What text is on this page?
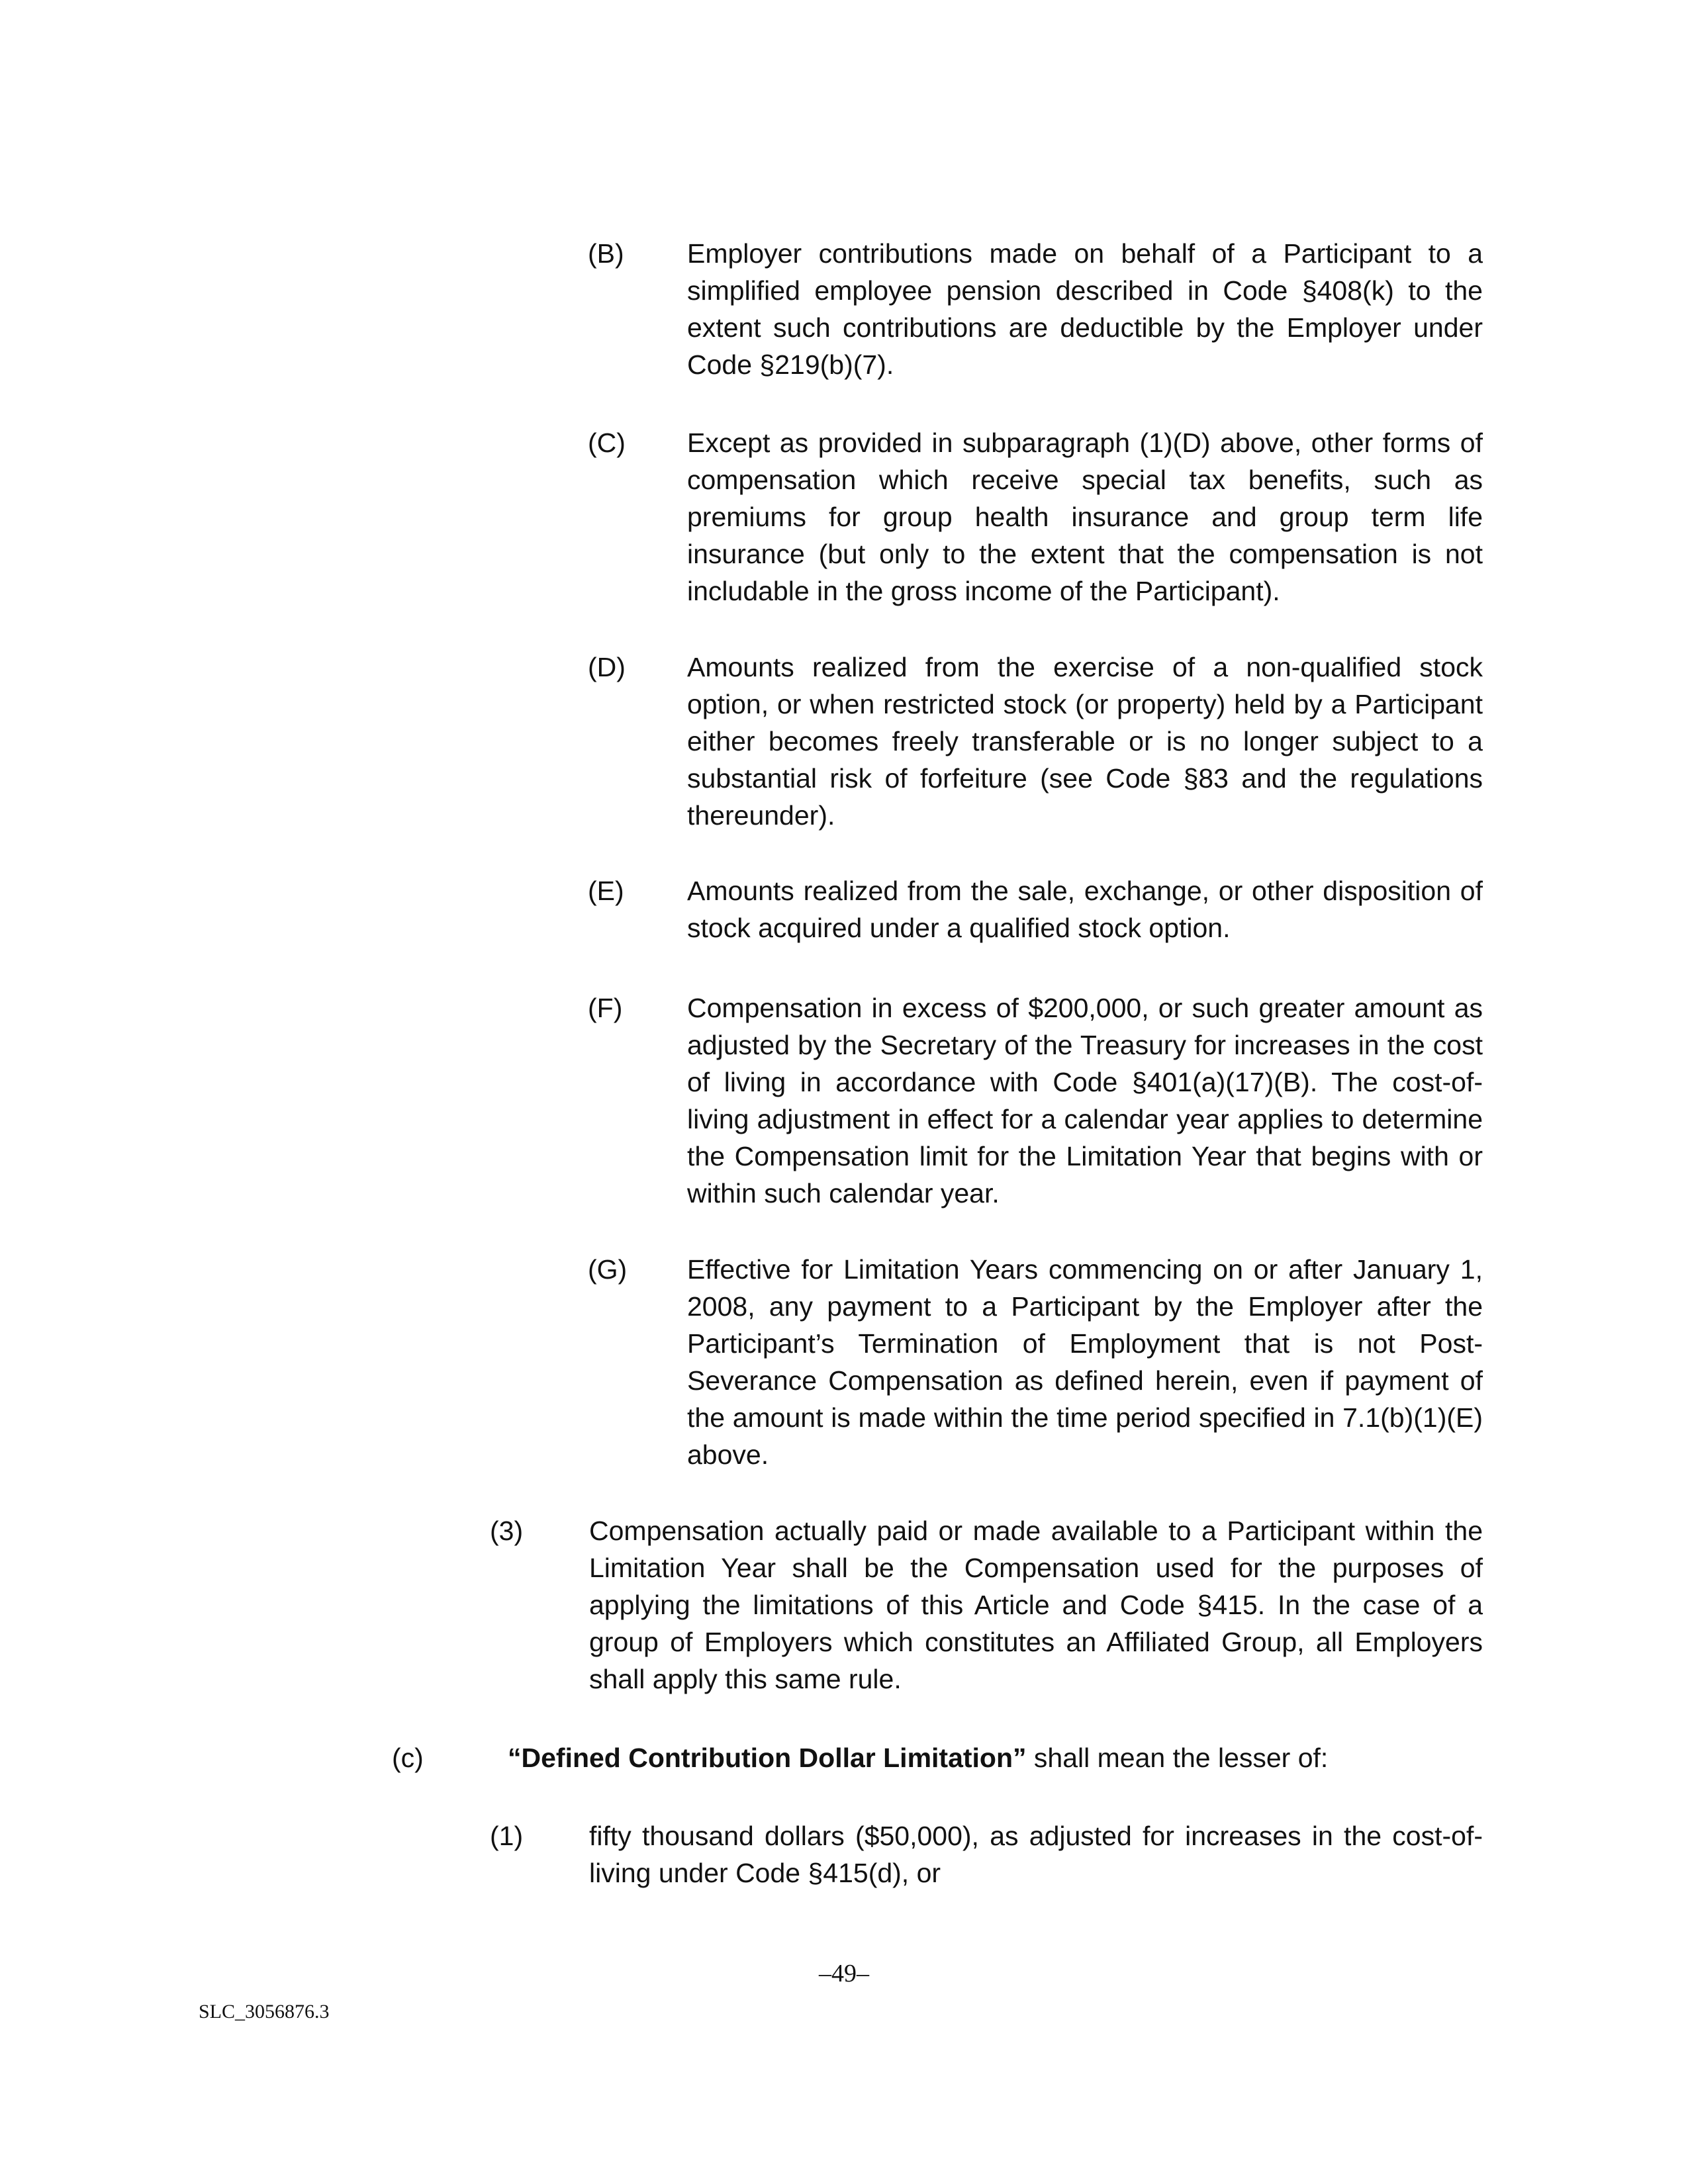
(B) Employer contributions made on behalf of a Participant to a simplified employee pension described in Code §408(k) to the extent such contributions are deductible by the Employer under Code §219(b)(7).
(C) Except as provided in subparagraph (1)(D) above, other forms of compensation which receive special tax benefits, such as premiums for group health insurance and group term life insurance (but only to the extent that the compensation is not includable in the gross income of the Participant).
(D) Amounts realized from the exercise of a non-qualified stock option, or when restricted stock (or property) held by a Participant either becomes freely transferable or is no longer subject to a substantial risk of forfeiture (see Code §83 and the regulations thereunder).
(E) Amounts realized from the sale, exchange, or other disposition of stock acquired under a qualified stock option.
(F) Compensation in excess of $200,000, or such greater amount as adjusted by the Secretary of the Treasury for increases in the cost of living in accordance with Code §401(a)(17)(B). The cost-of-living adjustment in effect for a calendar year applies to determine the Compensation limit for the Limitation Year that begins with or within such calendar year.
(G) Effective for Limitation Years commencing on or after January 1, 2008, any payment to a Participant by the Employer after the Participant’s Termination of Employment that is not Post-Severance Compensation as defined herein, even if payment of the amount is made within the time period specified in 7.1(b)(1)(E) above.
(3) Compensation actually paid or made available to a Participant within the Limitation Year shall be the Compensation used for the purposes of applying the limitations of this Article and Code §415. In the case of a group of Employers which constitutes an Affiliated Group, all Employers shall apply this same rule.
(c)	“Defined Contribution Dollar Limitation” shall mean the lesser of:
(1) fifty thousand dollars ($50,000), as adjusted for increases in the cost-of-living under Code §415(d), or
–49–
SLC_3056876.3
